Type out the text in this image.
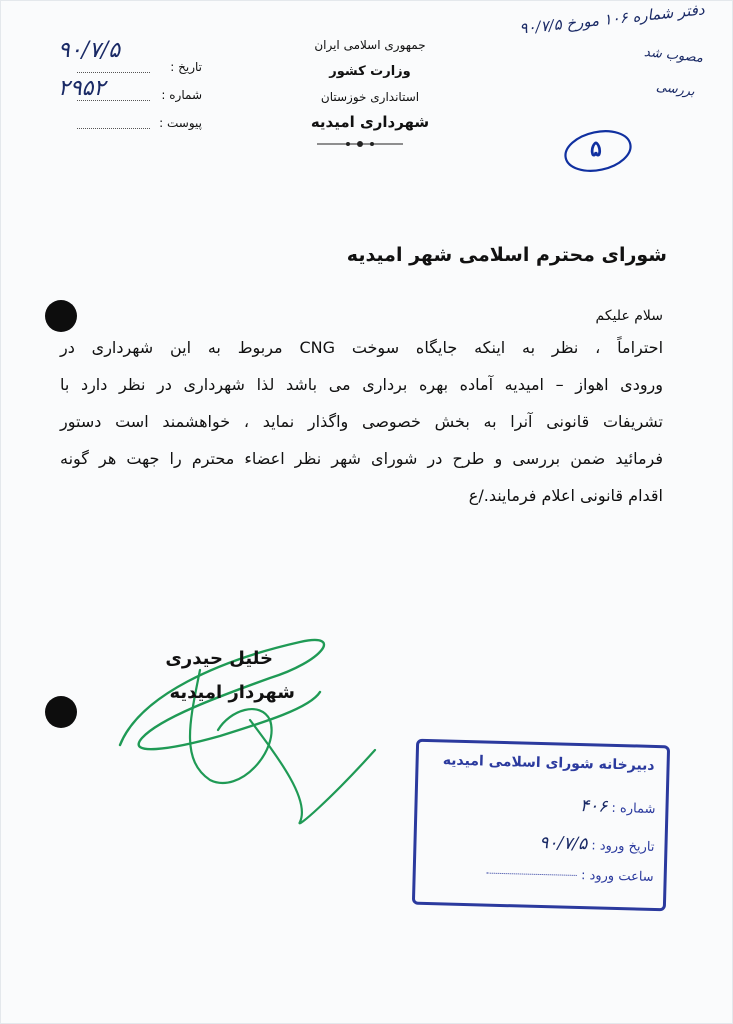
جمهوری اسلامی ایران
وزارت کشور
استانداری خوزستان
شهرداری امیدیه
تاریخ :
شماره :
پیوست :
۹۰/۷/۵
۲۹۵۲
دفتر شماره ۱۰۶ مورخ ۹۰/۷/۵
مصوب شد
بررسی
۵
شورای محترم اسلامی شهر امیدیه
سلام علیکم
احتراماً ، نظر به اینکه جایگاه سوخت CNG مربوط به این شهرداری در
ورودی اهواز – امیدیه آماده بهره برداری می باشد لذا شهرداری در نظر دارد با
تشریفات قانونی آنرا به بخش خصوصی واگذار نماید ، خواهشمند است دستور
فرمائید ضمن بررسی و طرح در شورای شهر نظر اعضاء محترم را جهت هر گونه
اقدام قانونی اعلام فرمایند./ع
خلیل حیدری
شهردار امیدیه
دبیرخانه شورای اسلامی امیدیه
شماره : ۴۰۶
تاریخ ورود : ۹۰/۷/۵
ساعت ورود :
